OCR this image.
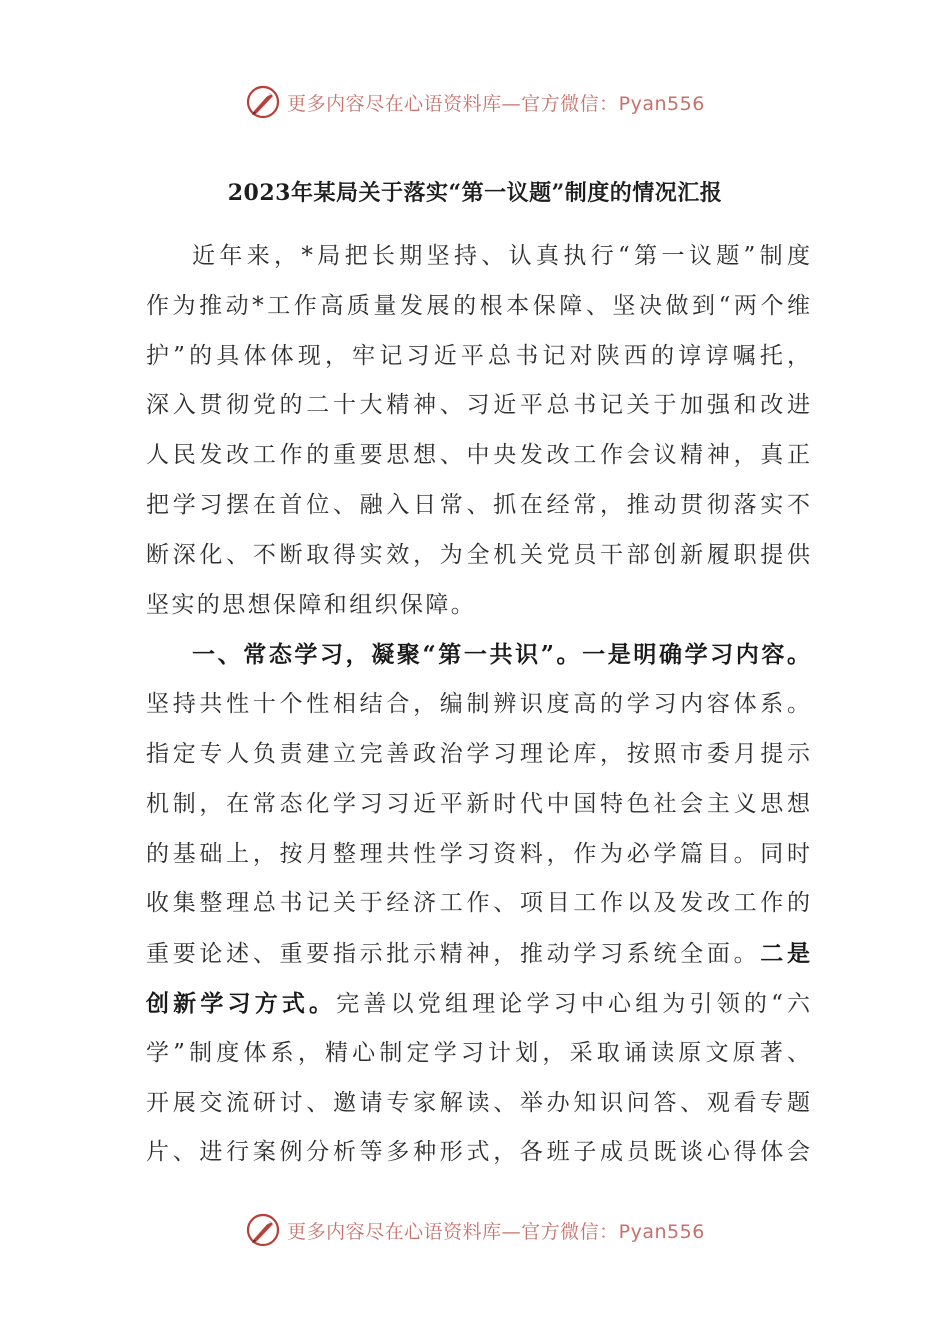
更多内容尽在心语资料库—官方微信：Pyan556
2023年某局关于落实“第一议题”制度的情况汇报
近年来，*局把长期坚持、认真执行“第一议题”制度
作为推动*工作高质量发展的根本保障、坚决做到“两个维
护”的具体体现，牢记习近平总书记对陕西的谆谆嘱托，
深入贯彻党的二十大精神、习近平总书记关于加强和改进
人民发改工作的重要思想、中央发改工作会议精神，真正
把学习摆在首位、融入日常、抓在经常，推动贯彻落实不
断深化、不断取得实效，为全机关党员干部创新履职提供
坚实的思想保障和组织保障。
一、常态学习，凝聚“第一共识”。一是明确学习内容。
坚持共性十个性相结合，编制辨识度高的学习内容体系。
指定专人负责建立完善政治学习理论库，按照市委月提示
机制，在常态化学习习近平新时代中国特色社会主义思想
的基础上，按月整理共性学习资料，作为必学篇目。同时
收集整理总书记关于经济工作、项目工作以及发改工作的
重要论述、重要指示批示精神，推动学习系统全面。二是
创新学习方式。完善以党组理论学习中心组为引领的“六
学”制度体系，精心制定学习计划，采取诵读原文原著、
开展交流研讨、邀请专家解读、举办知识问答、观看专题
片、进行案例分析等多种形式，各班子成员既谈心得体会
更多内容尽在心语资料库—官方微信：Pyan556
